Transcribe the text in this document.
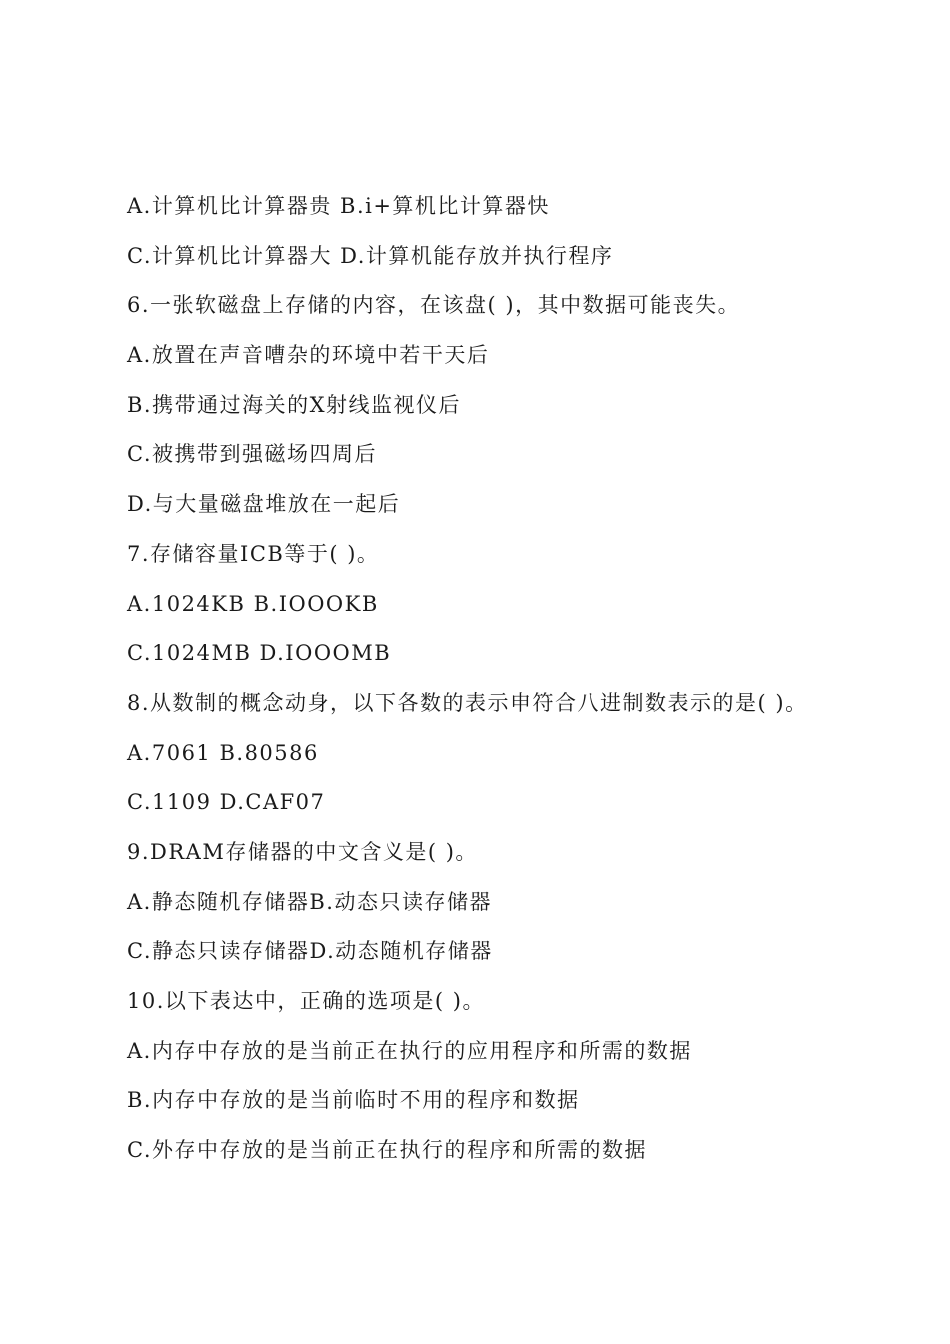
A.计算机比计算器贵 B.i+算机比计算器快
C.计算机比计算器大 D.计算机能存放并执行程序
6.一张软磁盘上存储的内容，在该盘( )，其中数据可能丧失。
A.放置在声音嘈杂的环境中若干天后
B.携带通过海关的X射线监视仪后
C.被携带到强磁场四周后
D.与大量磁盘堆放在一起后
7.存储容量ICB等于( )。
A.1024KB B.IOOOKB
C.1024MB D.IOOOMB
8.从数制的概念动身，以下各数的表示申符合八进制数表示的是( )。
A.7061 B.80586
C.1109 D.CAF07
9.DRAM存储器的中文含义是( )。
A.静态随机存储器B.动态只读存储器
C.静态只读存储器D.动态随机存储器
10.以下表达中，正确的选项是( )。
A.内存中存放的是当前正在执行的应用程序和所需的数据
B.内存中存放的是当前临时不用的程序和数据
C.外存中存放的是当前正在执行的程序和所需的数据
